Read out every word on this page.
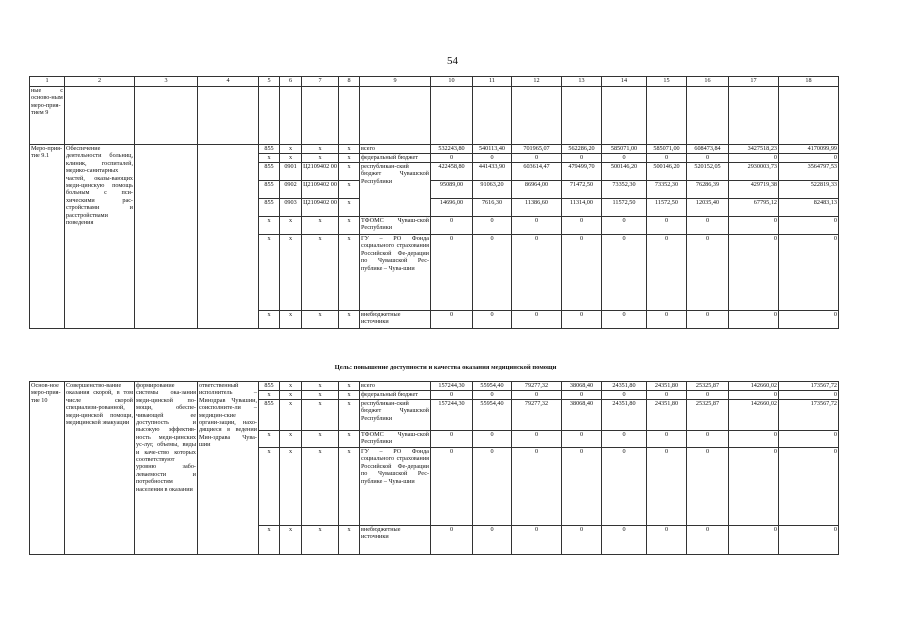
54
1	2	3	4	5	6	7	8	9	10	11	12	13	14	15	16	17	18
ные с осново-ным меро-прия-тием 9																	
Меро-прия-тие 9.1	Обеспечение деятельности больниц, клиник, госпиталей, медико-санитарных частей, оказы-вающих меди-цинскую помощь больным с пси-хическими рас-стройствами и расстройствами поведения			855	х	х	х	всего	532243,80	540113,40	701965,07	562286,20	585071,00	585071,00	608473,84	3427518,23	4170099,99
				х	х	х	х	федеральный бюджет	0	0	0	0	0	0	0	0	0
				855	0901	Ц2109402 00	х	республикан-ский бюджет Чувашской Республики	422458,80	441433,90	603614,47	479499,70	500146,20	500146,20	520152,05	2930003,73	3564797,53
				855	0902	Ц2109402 00	х		95089,00	91063,20	86964,00	71472,50	73352,30	73352,30	76286,39	429719,38	522819,33
				855	0903	Ц2109402 00	х		14696,00	7616,30	11386,60	11314,00	11572,50	11572,50	12035,40	67795,12	82483,13
				х	х	х	х	ТФОМС Чуваш-ской Республики	0	0	0	0	0	0	0	0	0
				х	х	х	х	ГУ – РО Фонда социального страхования Российской Фе-дерации по Чувашской Рес-публике – Чува-шии	0	0	0	0	0	0	0	0	0
				х	х	х	х	внебюджетные источники	0	0	0	0	0	0	0	0	0
Цель: повышение доступности и качества оказания медицинской помощи
Основ-ное меро-прия-тие 10	Совершенство-вание оказания скорой, в том числе скорой специализи-рованной, меди-цинской помощи, медицинской эвакуации	формирование системы ока-зания меди-цинской по-мощи, обеспе-чивающей ее доступность и высокую эффектив-ность меди-цинских ус-луг, объемы, виды и каче-ство которых соответствуют уровню забо-леваемости и потребностям населения в оказании	ответственный исполнитель – Минздрав Чувашии, соисполните-ли – медицин-ские органи-зации, нахо-дящиеся в ведении Мин-здрава Чува-шии	855	х	х	х	всего	157244,30	55954,40	79277,32	38068,40	24351,80	24351,80	25325,87	142660,02	173567,72
				х	х	х	х	федеральный бюджет	0	0	0	0	0	0	0	0	0
				855	х	х	х	республикан-ский бюджет Чувашской Республики	157244,30	55954,40	79277,32	38068,40	24351,80	24351,80	25325,87	142660,02	173567,72
				х	х	х	х	ТФОМС Чуваш-ской Республики	0	0	0	0	0	0	0	0	0
				х	х	х	х	ГУ – РО Фонда социального страхования Российской Фе-дерации по Чувашской Рес-публике – Чува-шии	0	0	0	0	0	0	0	0	0
				х	х	х	х	внебюджетные источники	0	0	0	0	0	0	0	0	0
